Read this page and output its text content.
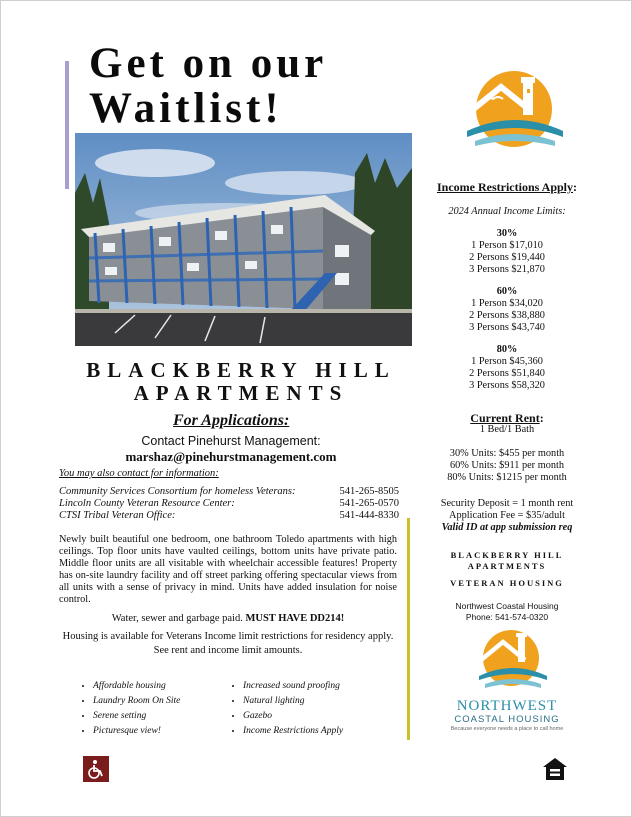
Get on our
Waitlist!
BLACKBERRY HILL
APARTMENTS
For Applications:
Contact Pinehurst Management:
marshaz@pinehurstmanagement.com
You may also contact for information:
Community Services Consortium for homeless Veterans:	541-265-8505
Lincoln County Veteran Resource Center:	541-265-0570
CTSI Tribal Veteran Office:	541-444-8330
Newly built beautiful one bedroom, one bathroom Toledo apartments with high ceilings. Top floor units have vaulted ceilings, bottom units have private patio. Middle floor units are all visitable with wheelchair accessible features! Property has on-site laundry facility and off street parking offering spectacular views from all units with a sense of privacy in mind. Units have added insulation for noise control.
Water, sewer and garbage paid. MUST HAVE DD214!
Housing is available for Veterans Income limit restrictions for residency apply. See rent and income limit amounts.
• Affordable housing
• Laundry Room On Site
• Serene setting
• Picturesque view!
• Increased sound proofing
• Natural lighting
• Gazebo
• Income Restrictions Apply
Income Restrictions Apply:
2024 Annual Income Limits:
30%
1 Person $17,010
2 Persons $19,440
3 Persons $21,870
60%
1 Person $34,020
2 Persons $38,880
3 Persons $43,740
80%
1 Person $45,360
2 Persons $51,840
3 Persons $58,320
Current Rent:
1 Bed/1 Bath
30% Units: $455 per month
60% Units: $911 per month
80% Units: $1215 per month
Security Deposit = 1 month rent
Application Fee = $35/adult
Valid ID at app submission req
BLACKBERRY HILL
APARTMENTS
VETERAN HOUSING
Northwest Coastal Housing
Phone: 541-574-0320
NORTHWEST
COASTAL HOUSING
Because everyone needs a place to call home
